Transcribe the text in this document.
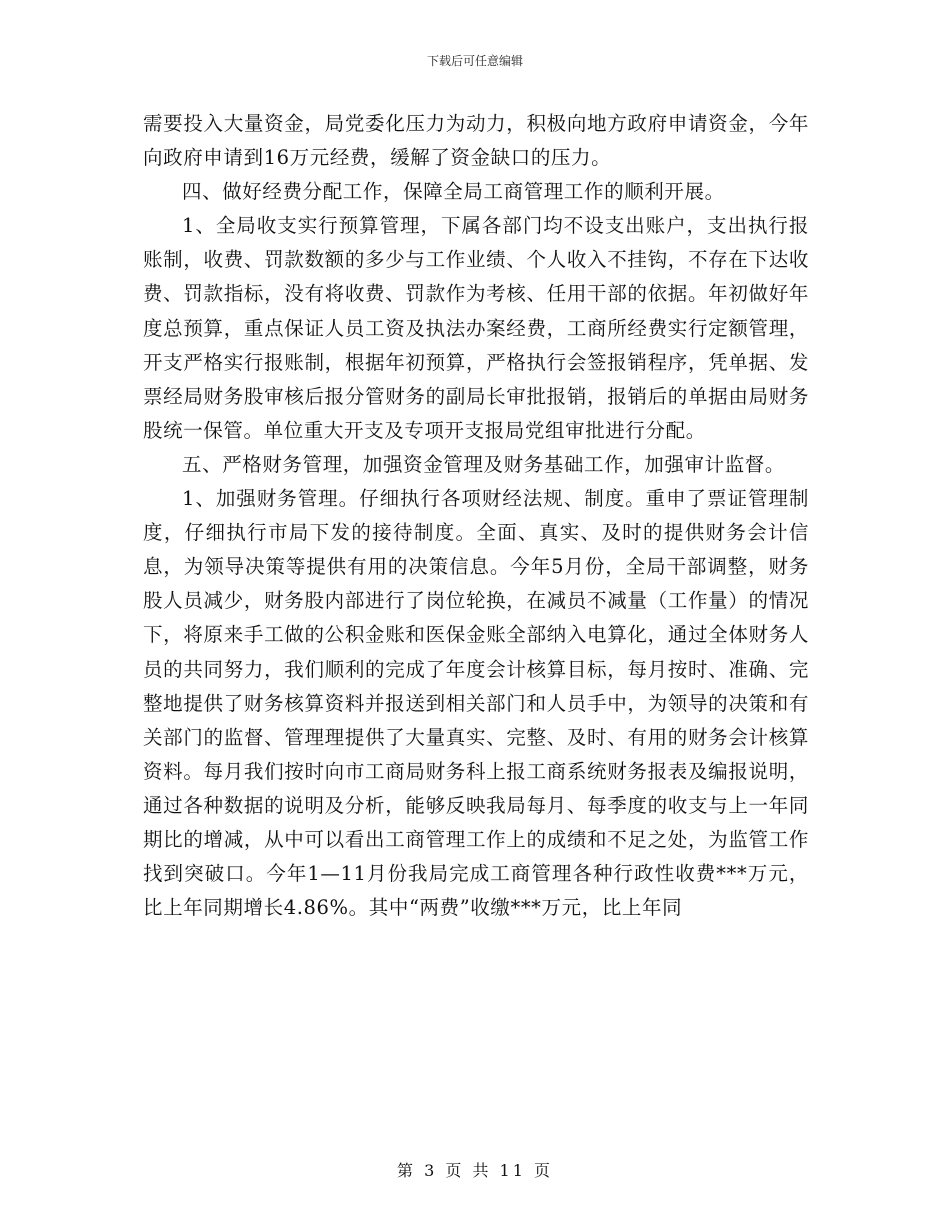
下载后可任意编辑

需要投入大量资金，局党委化压力为动力，积极向地方政府申请资金，今年向政府申请到16万元经费，缓解了资金缺口的压力。

四、做好经费分配工作，保障全局工商管理工作的顺利开展。

1、全局收支实行预算管理，下属各部门均不设支出账户，支出执行报账制，收费、罚款数额的多少与工作业绩、个人收入不挂钩，不存在下达收费、罚款指标，没有将收费、罚款作为考核、任用干部的依据。年初做好年度总预算，重点保证人员工资及执法办案经费，工商所经费实行定额管理，开支严格实行报账制，根据年初预算，严格执行会签报销程序，凭单据、发票经局财务股审核后报分管财务的副局长审批报销，报销后的单据由局财务股统一保管。单位重大开支及专项开支报局党组审批进行分配。

五、严格财务管理，加强资金管理及财务基础工作，加强审计监督。

1、加强财务管理。仔细执行各项财经法规、制度。重申了票证管理制度，仔细执行市局下发的接待制度。全面、真实、及时的提供财务会计信息，为领导决策等提供有用的决策信息。今年5月份，全局干部调整，财务股人员减少，财务股内部进行了岗位轮换，在减员不减量（工作量）的情况下，将原来手工做的公积金账和医保金账全部纳入电算化，通过全体财务人员的共同努力，我们顺利的完成了年度会计核算目标，每月按时、准确、完整地提供了财务核算资料并报送到相关部门和人员手中，为领导的决策和有关部门的监督、管理理提供了大量真实、完整、及时、有用的财务会计核算资料。每月我们按时向市工商局财务科上报工商系统财务报表及编报说明，通过各种数据的说明及分析，能够反映我局每月、每季度的收支与上一年同期比的增减，从中可以看出工商管理工作上的成绩和不足之处，为监管工作找到突破口。今年1—11月份我局完成工商管理各种行政性收费***万元，比上年同期增长4.86%。其中“两费”收缴***万元，比上年同

第 3 页 共 11 页
